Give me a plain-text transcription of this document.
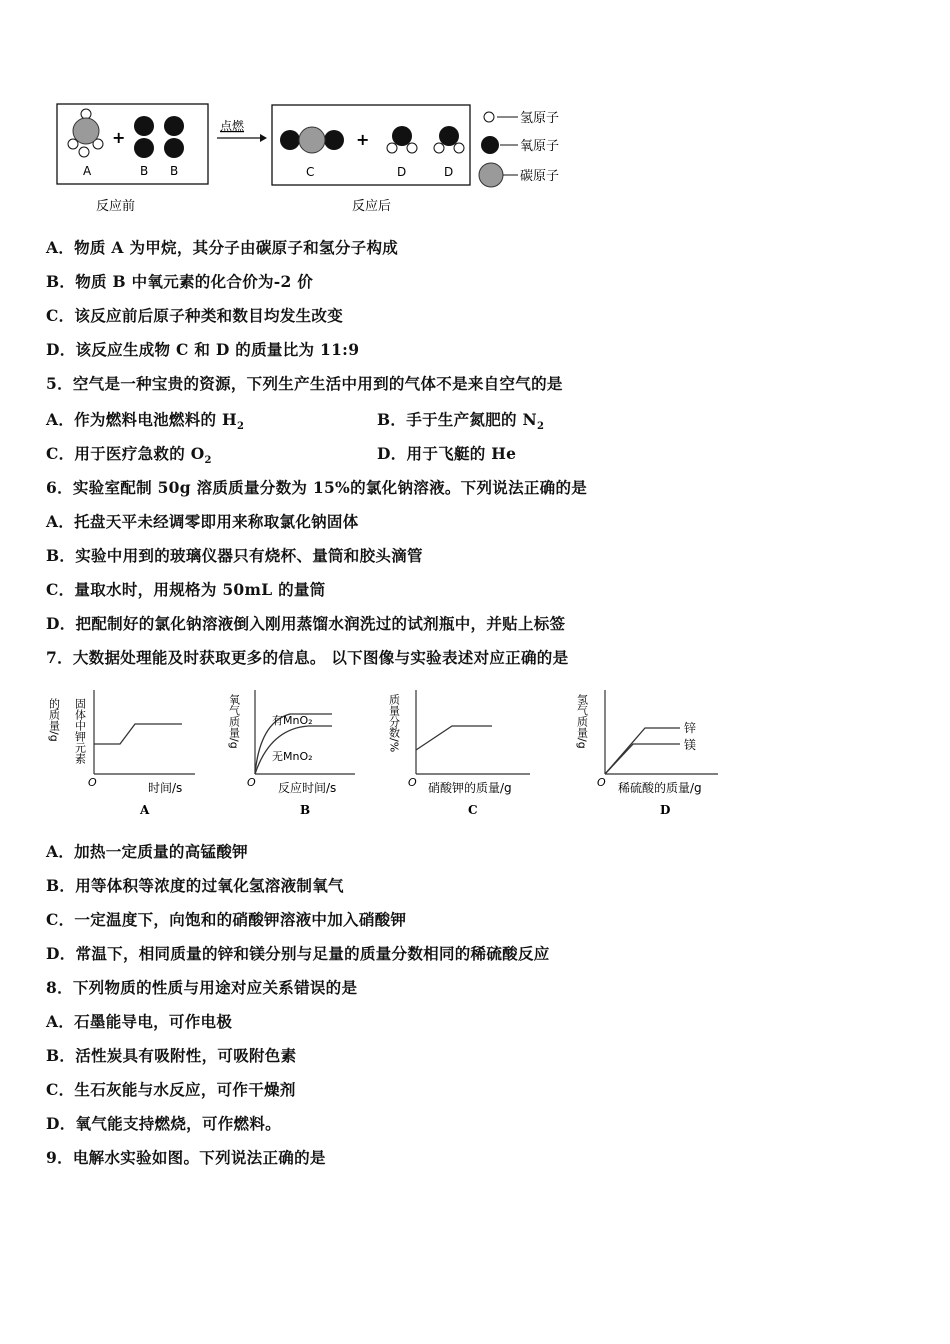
+
A	B B
点燃
+
C	D	D
氢原子
氧原子
碳原子
反应前	反应后
A．物质 A 为甲烷，其分子由碳原子和氢分子构成
B．物质 B 中氧元素的化合价为-2 价
C．该反应前后原子种类和数目均发生改变
D．该反应生成物 C 和 D 的质量比为 11:9
5．空气是一种宝贵的资源，下列生产生活中用到的气体不是来自空气的是
A．作为燃料电池燃料的 $H_2$	B．手于生产氮肥的 $N_2$
C．用于医疗急救的 $O_2$	D．用于飞艇的 He
6．实验室配制 50g 溶质质量分数为 15%的氯化钠溶液。下列说法正确的是
A．托盘天平未经调零即用来称取氯化钠固体
B．实验中用到的玻璃仪器只有烧杯、量筒和胶头滴管
C．量取水时，用规格为 50mL 的量筒
D．把配制好的氯化钠溶液倒入刚用蒸馏水润洗过的试剂瓶中，并贴上标签
7．大数据处理能及时获取更多的信息。 以下图像与实验表述对应正确的是
的质量/g 固体中钾元素
O	时间/s
A
氧气质量/g	有MnO₂
无MnO₂
O 反应时间/s
B
质量分数/%
O 硝酸钾的质量/g
C
氢气质量/g	锌
镁
O 稀硫酸的质量/g
D
A．加热一定质量的高锰酸钾
B．用等体积等浓度的过氧化氢溶液制氧气
C．一定温度下，向饱和的硝酸钾溶液中加入硝酸钾
D．常温下，相同质量的锌和镁分别与足量的质量分数相同的稀硫酸反应
8．下列物质的性质与用途对应关系错误的是
A．石墨能导电，可作电极
B．活性炭具有吸附性，可吸附色素
C．生石灰能与水反应，可作干燥剂
D．氧气能支持燃烧，可作燃料。
9．电解水实验如图。下列说法正确的是
